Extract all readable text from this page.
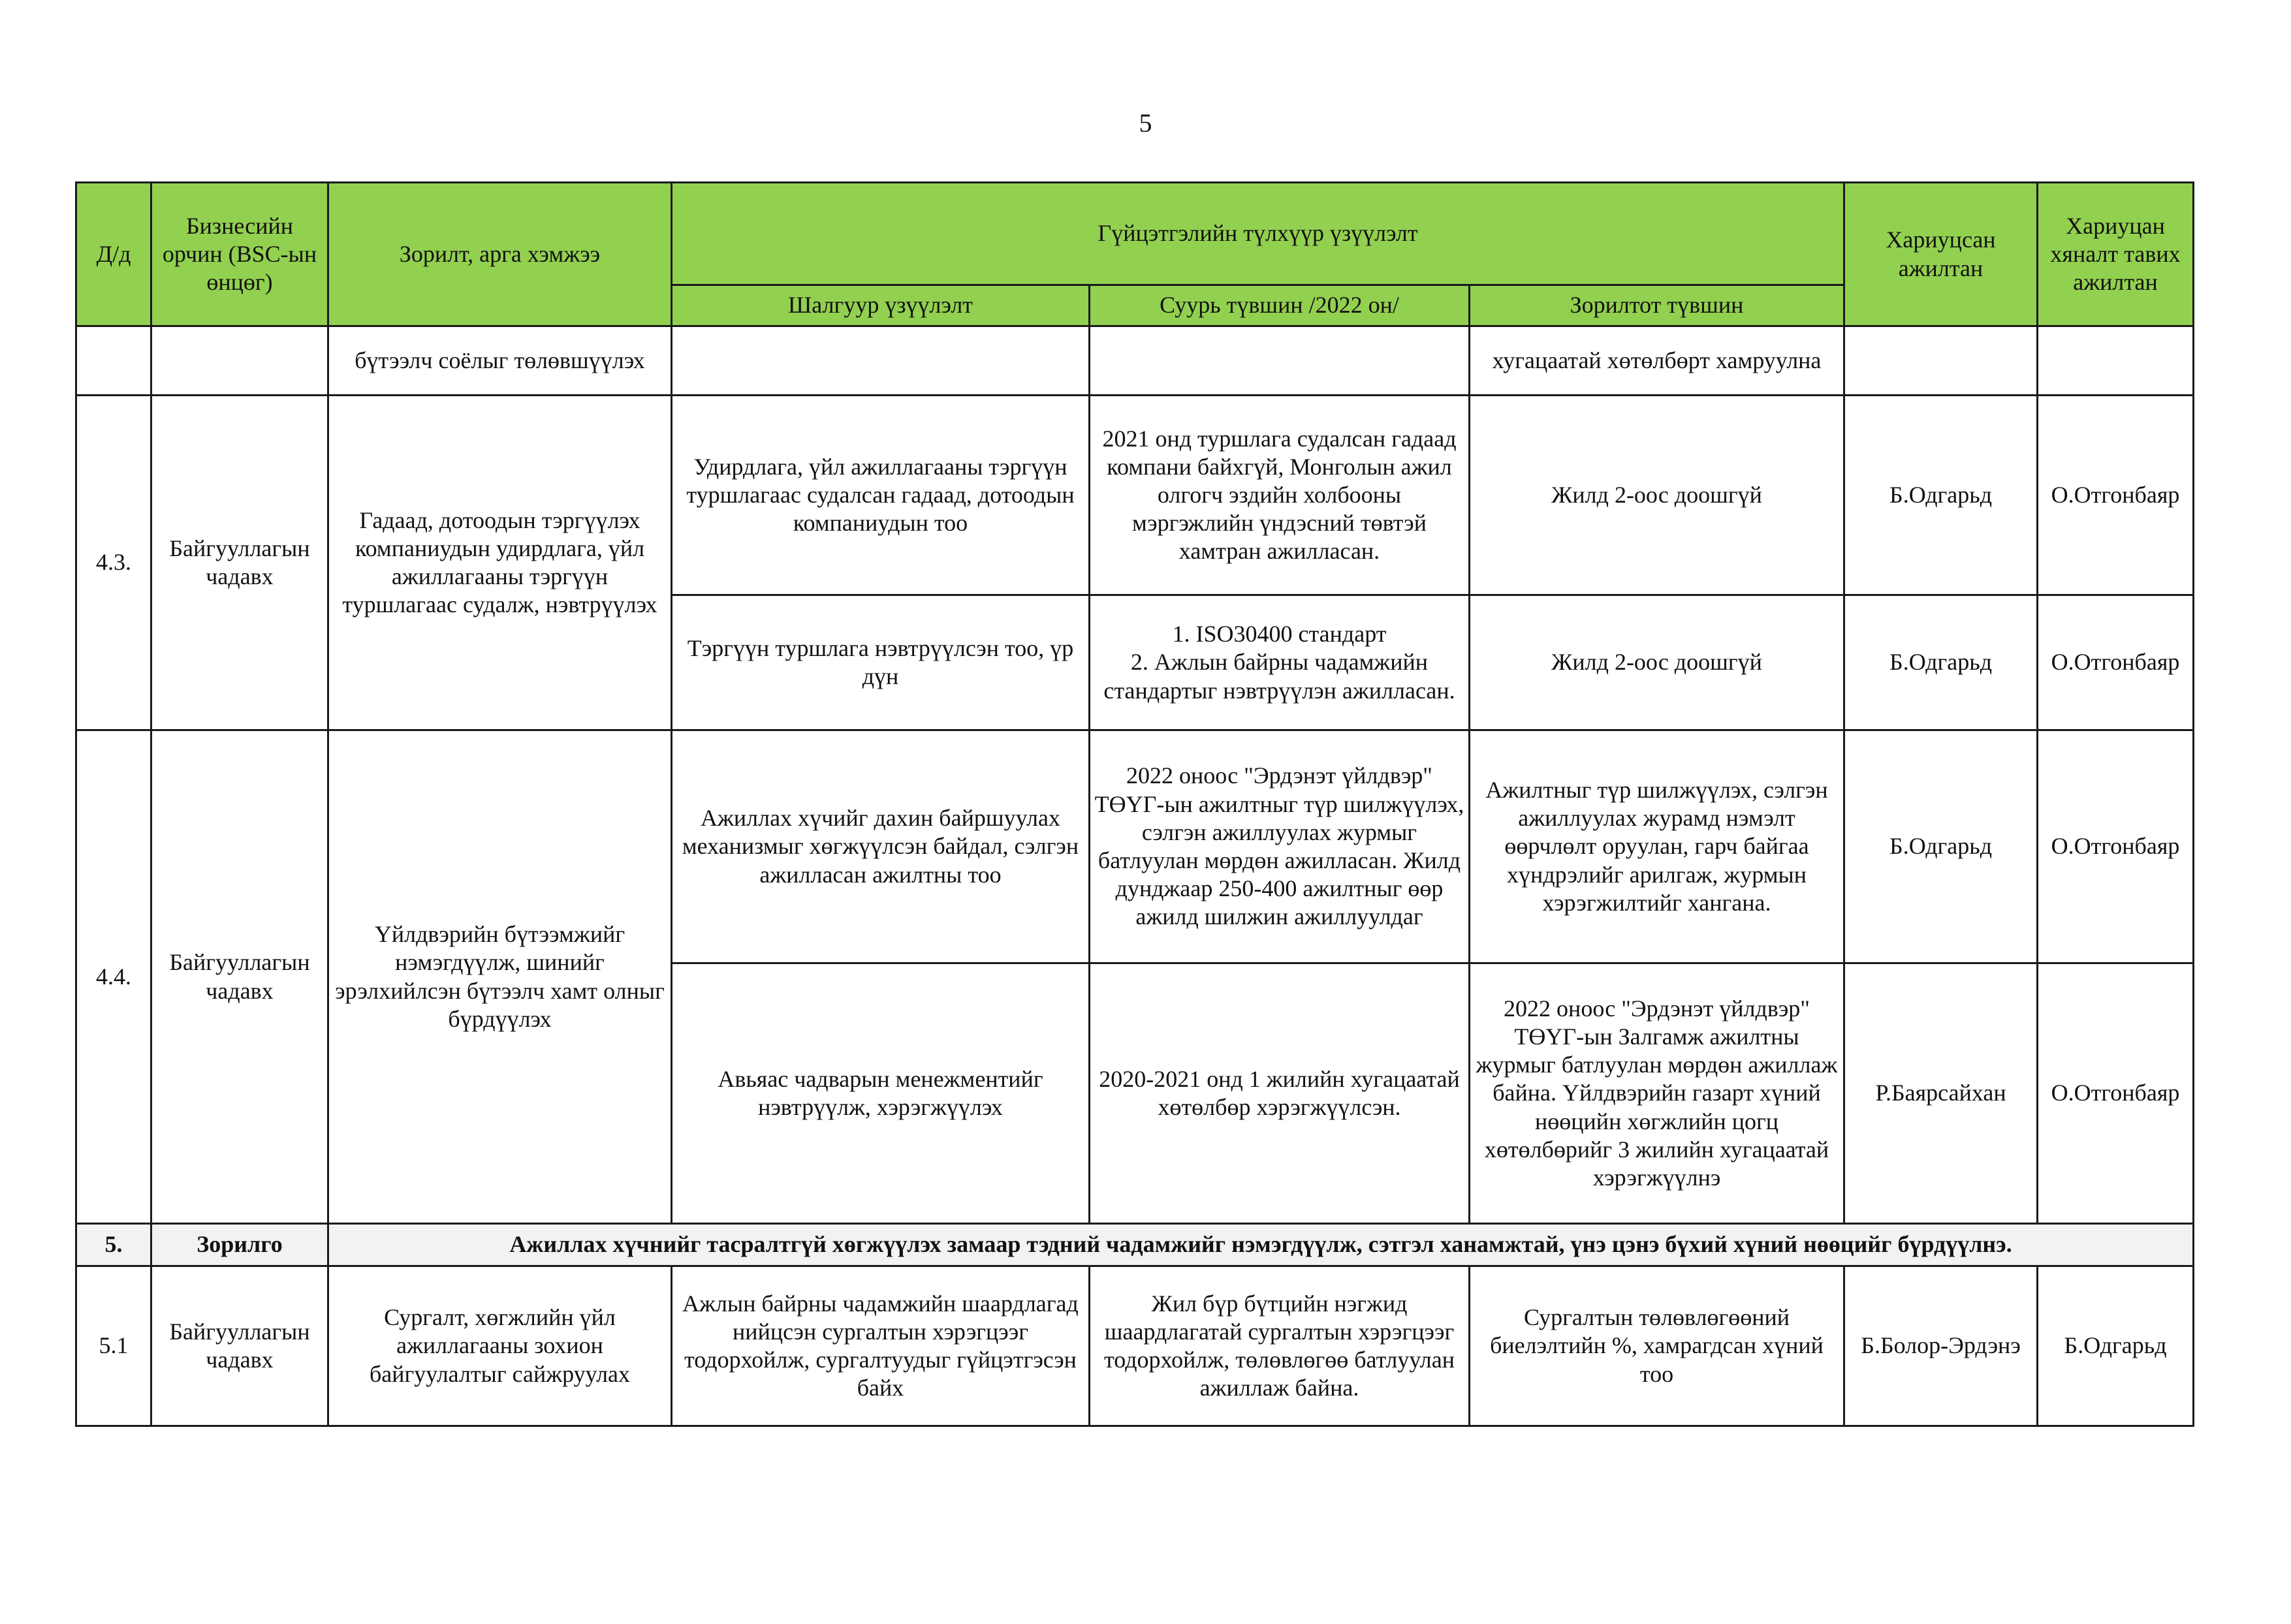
5
Д/д	Бизнесийн орчин (BSC-ын өнцөг)	Зорилт, арга хэмжээ	Гүйцэтгэлийн түлхүүр үзүүлэлт			Хариуцсан ажилтан	Хариуцан хяналт тавих ажилтан
			Шалгуур үзүүлэлт	Суурь түвшин /2022 он/	Зорилтот түвшин		
		бүтээлч соёлыг төлөвшүүлэх			хугацаатай хөтөлбөрт хамруулна		
4.3.	Байгууллагын чадавх	Гадаад, дотоодын тэргүүлэх компаниудын удирдлага, үйл ажиллагааны тэргүүн туршлагаас судалж, нэвтрүүлэх	Удирдлага, үйл ажиллагааны тэргүүн туршлагаас судалсан гадаад, дотоодын компаниудын тоо	2021 онд туршлага судалсан гадаад компани байхгүй, Монголын ажил олгогч эздийн холбооны мэргэжлийн үндэсний төвтэй хамтран ажилласан.	Жилд 2-оос доошгүй	Б.Одгарьд	О.Отгонбаяр
			Тэргүүн туршлага нэвтрүүлсэн тоо, үр дүн	1. ISO30400 стандарт
2. Ажлын байрны чадамжийн стандартыг нэвтрүүлэн ажилласан.	Жилд 2-оос доошгүй	Б.Одгарьд	О.Отгонбаяр
4.4.	Байгууллагын чадавх	Үйлдвэрийн бүтээмжийг нэмэгдүүлж, шинийг эрэлхийлсэн бүтээлч хамт олныг бүрдүүлэх	Ажиллах хүчийг дахин байршуулах механизмыг хөгжүүлсэн байдал, сэлгэн ажилласан ажилтны тоо	2022 оноос "Эрдэнэт үйлдвэр" ТӨҮГ-ын ажилтныг түр шилжүүлэх, сэлгэн ажиллуулах журмыг батлуулан мөрдөн ажилласан. Жилд дунджаар 250-400 ажилтныг өөр ажилд шилжин ажиллуулдаг	Ажилтныг түр шилжүүлэх, сэлгэн ажиллуулах журамд нэмэлт өөрчлөлт оруулан, гарч байгаа хүндрэлийг арилгаж, журмын хэрэгжилтийг хангана.	Б.Одгарьд	О.Отгонбаяр
			Авьяас чадварын менежментийг нэвтрүүлж, хэрэгжүүлэх	2020-2021 онд 1 жилийн хугацаатай хөтөлбөр хэрэгжүүлсэн.	2022 оноос "Эрдэнэт үйлдвэр" ТӨҮГ-ын Залгамж ажилтны журмыг батлуулан мөрдөн ажиллаж байна. Үйлдвэрийн газарт хүний нөөцийн хөгжлийн цогц хөтөлбөрийг 3 жилийн хугацаатай хэрэгжүүлнэ	Р.Баярсайхан	О.Отгонбаяр
5.	Зорилго	Ажиллах хүчнийг тасралтгүй хөгжүүлэх замаар тэдний чадамжийг нэмэгдүүлж, сэтгэл ханамжтай, үнэ цэнэ бүхий хүний нөөцийг бүрдүүлнэ.					
5.1	Байгууллагын чадавх	Сургалт, хөгжлийн үйл ажиллагааны зохион байгуулалтыг сайжруулах	Ажлын байрны чадамжийн шаардлагад нийцсэн сургалтын хэрэгцээг тодорхойлж, сургалтуудыг гүйцэтгэсэн байх	Жил бүр бүтцийн нэгжид шаардлагатай сургалтын хэрэгцээг тодорхойлж, төлөвлөгөө батлуулан ажиллаж байна.	Сургалтын төлөвлөгөөний биелэлтийн %, хамрагдсан хүний тоо	Б.Болор-Эрдэнэ	Б.Одгарьд
